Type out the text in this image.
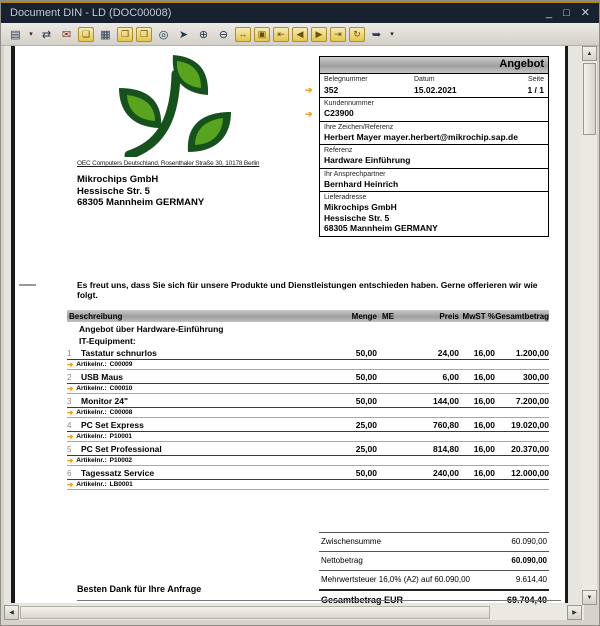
Document DIN - LD (DOC00008)	_ □ ✕
▤	▾ ⇄ ✉	❏ ▦	❐	❒ ◎ ➤ ⊕ ⊖	↔	▣	⇤	◀	▶	⇥	↻	➥	▾
OEC Computers Deutschland, Rosenthaler Straße 30, 10178 Berlin
Mikrochips GmbH
Hessische Str. 5
68305 Mannheim GERMANY
Angebot
➔
Belegnummer	Datum	Seite
352	15.02.2021	1 / 1
➔
Kundennummer
C23900
Ihre Zeichen/Referenz
Herbert Mayer mayer.herbert@mikrochip.sap.de
Referenz
Hardware Einführung
Ihr Ansprechpartner
Bernhard Heinrich
Lieferadresse
Mikrochips GmbH
Hessische Str. 5
68305 Mannheim GERMANY
Es freut uns, dass Sie sich für unsere Produkte und Dienstleistungen entschieden haben. Gerne offerieren wir wie folgt.
Beschreibung	Menge ME	Preis MwST % Gesamtbetrag
Angebot über Hardware-Einführung
IT-Equipment:
1	Tastatur schnurlos	50,00	24,00	16,00	1.200,00
➔ Artikelnr.: C00009
2	USB Maus	50,00	6,00	16,00	300,00
➔ Artikelnr.: C00010
3	Monitor 24"	50,00	144,00	16,00	7.200,00
➔ Artikelnr.: C00008
4	PC Set Express	25,00	760,80	16,00	19.020,00
➔ Artikelnr.: P10001
5	PC Set Professional	25,00	814,80	16,00	20.370,00
➔ Artikelnr.: P10002
6	Tagessatz Service	50,00	240,00	16,00	12.000,00
➔ Artikelnr.: LB0001
Zwischensumme	60.090,00
Nettobetrag	60.090,00
Mehrwertsteuer 16,0% (A2) auf 60.090,00	9.614,40
Gesamtbetrag EUR	69.704,40
Besten Dank für Ihre Anfrage
▲
▼
◀	▶
